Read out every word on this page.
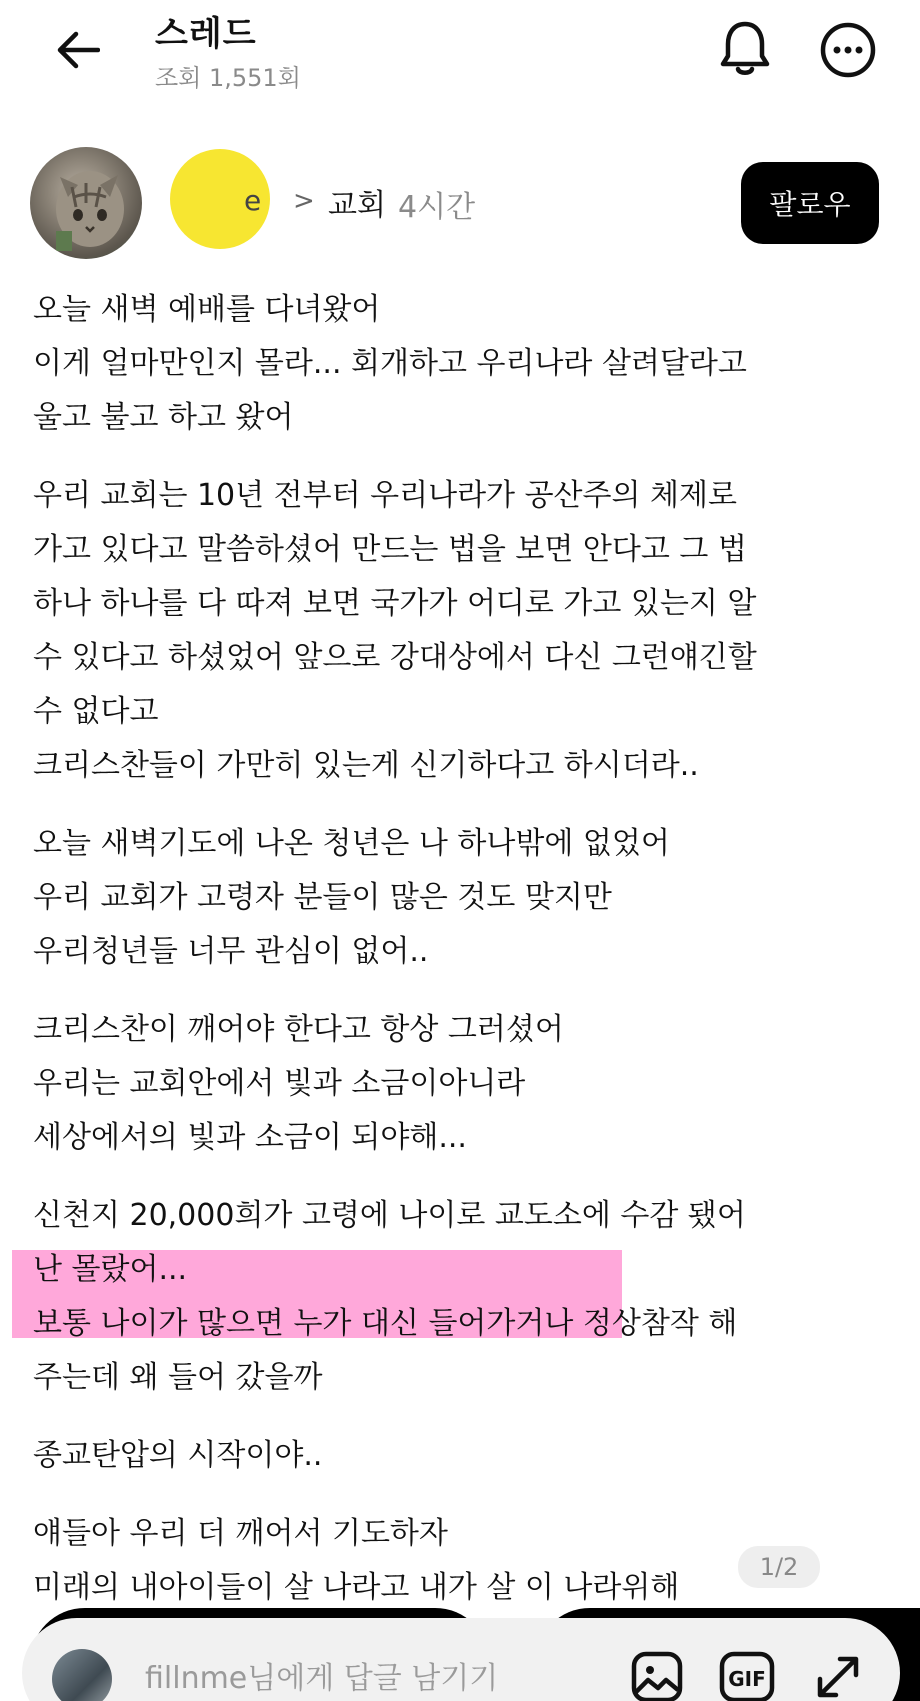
스레드
조회 1,551회
e > 교회 4시간	팔로우
오늘 새벽 예배를 다녀왔어
이게 얼마만인지 몰라... 회개하고 우리나라 살려달라고
울고 불고 하고 왔어
우리 교회는 10년 전부터 우리나라가 공산주의 체제로
가고 있다고 말씀하셨어 만드는 법을 보면 안다고 그 법
하나 하나를 다 따져 보면 국가가 어디로 가고 있는지 알
수 있다고 하셨었어 앞으로 강대상에서 다신 그런얘긴할
수 없다고
크리스찬들이 가만히 있는게 신기하다고 하시더라..
오늘 새벽기도에 나온 청년은 나 하나밖에 없었어
우리 교회가 고령자 분들이 많은 것도 맞지만
우리청년들 너무 관심이 없어..
크리스찬이 깨어야 한다고 항상 그러셨어
우리는 교회안에서 빛과 소금이아니라
세상에서의 빛과 소금이 되야해...
신천지 20,000희가 고령에 나이로 교도소에 수감 됐어
난 몰랐어...
보통 나이가 많으면 누가 대신 들어가거나 정상참작 해
주는데 왜 들어 갔을까
종교탄압의 시작이야..
얘들아 우리 더 깨어서 기도하자
미래의 내아이들이 살 나라고 내가 살 이 나라위해
1/2
fillnme님에게 답글 남기기
GIF
